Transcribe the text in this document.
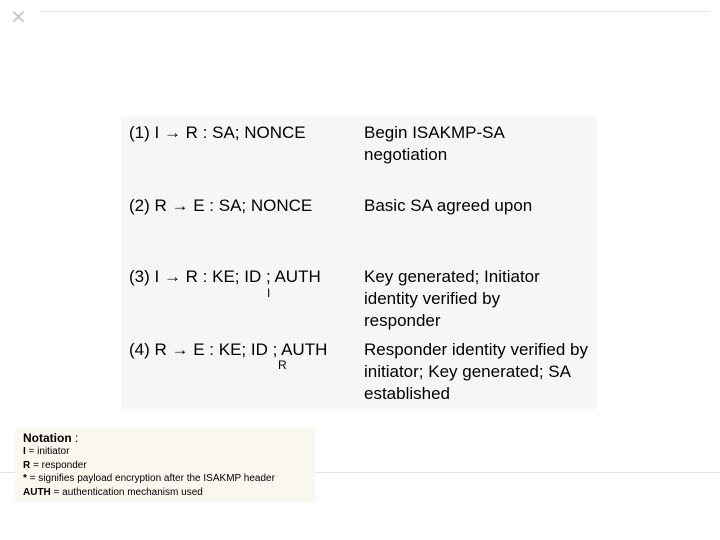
✕
(1) I → R : SA; NONCE	Begin ISAKMP-SA negotiation
(2) R → E : SA; NONCE	Basic SA agreed upon
(3) I → R : KE; ID ; AUTH
I
Key generated; Initiator identity verified by responder
(4) R → E : KE; ID ; AUTH
R
Responder identity verified by initiator; Key generated; SA established
Notation :
I = initiator
R = responder
* = signifies payload encryption after the ISAKMP header
AUTH = authentication mechanism used
